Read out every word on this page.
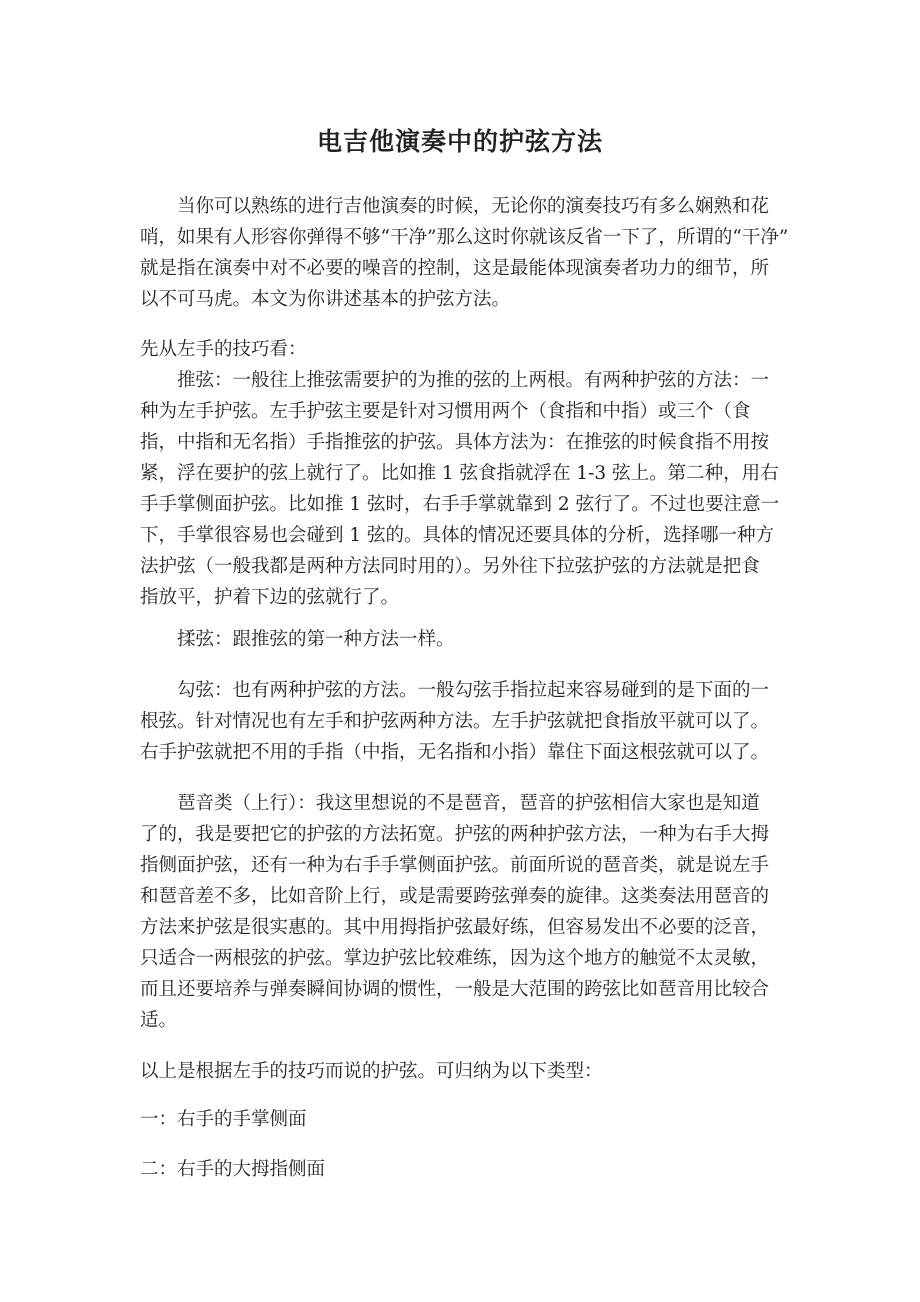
电吉他演奏中的护弦方法
　　当你可以熟练的进行吉他演奏的时候，无论你的演奏技巧有多么娴熟和花
哨，如果有人形容你弹得不够“干净”那么这时你就该反省一下了，所谓的“干净”
就是指在演奏中对不必要的噪音的控制，这是最能体现演奏者功力的细节，所
以不可马虎。本文为你讲述基本的护弦方法。
先从左手的技巧看：
　　推弦：一般往上推弦需要护的为推的弦的上两根。有两种护弦的方法：一
种为左手护弦。左手护弦主要是针对习惯用两个（食指和中指）或三个（食
指，中指和无名指）手指推弦的护弦。具体方法为：在推弦的时候食指不用按
紧，浮在要护的弦上就行了。比如推 1 弦食指就浮在 1-3 弦上。第二种，用右
手手掌侧面护弦。比如推 1 弦时，右手手掌就靠到 2 弦行了。不过也要注意一
下，手掌很容易也会碰到 1 弦的。具体的情况还要具体的分析，选择哪一种方
法护弦（一般我都是两种方法同时用的）。另外往下拉弦护弦的方法就是把食
指放平，护着下边的弦就行了。
　　揉弦：跟推弦的第一种方法一样。
　　勾弦：也有两种护弦的方法。一般勾弦手指拉起来容易碰到的是下面的一
根弦。针对情况也有左手和护弦两种方法。左手护弦就把食指放平就可以了。
右手护弦就把不用的手指（中指，无名指和小指）靠住下面这根弦就可以了。
　　琶音类（上行）：我这里想说的不是琶音，琶音的护弦相信大家也是知道
了的，我是要把它的护弦的方法拓宽。护弦的两种护弦方法，一种为右手大拇
指侧面护弦，还有一种为右手手掌侧面护弦。前面所说的琶音类，就是说左手
和琶音差不多，比如音阶上行，或是需要跨弦弹奏的旋律。这类奏法用琶音的
方法来护弦是很实惠的。其中用拇指护弦最好练，但容易发出不必要的泛音，
只适合一两根弦的护弦。掌边护弦比较难练，因为这个地方的触觉不太灵敏，
而且还要培养与弹奏瞬间协调的惯性，一般是大范围的跨弦比如琶音用比较合
适。
以上是根据左手的技巧而说的护弦。可归纳为以下类型：
一：右手的手掌侧面
二：右手的大拇指侧面
